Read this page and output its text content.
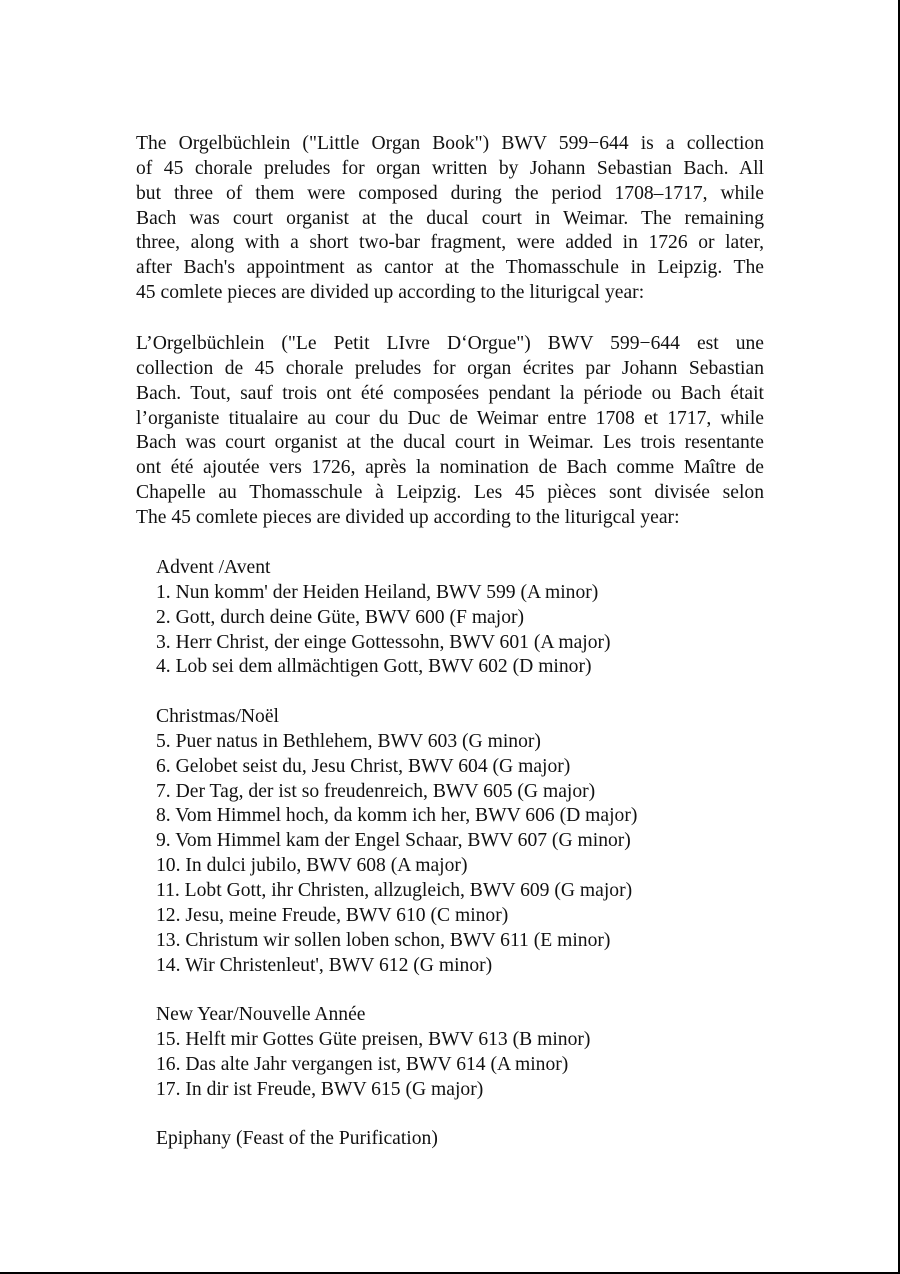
The Orgelbüchlein ("Little Organ Book") BWV 599−644 is a collection
of 45 chorale preludes for organ written by Johann Sebastian Bach. All
but three of them were composed during the period 1708–1717, while
Bach was court organist at the ducal court in Weimar. The remaining
three, along with a short two-bar fragment, were added in 1726 or later,
after Bach's appointment as cantor at the Thomasschule in Leipzig. The
45 comlete pieces are divided up according to the liturigcal year:

L’Orgelbüchlein ("Le Petit LIvre D‘Orgue") BWV 599−644 est une
collection de 45 chorale preludes for organ écrites par Johann Sebastian
Bach. Tout, sauf trois ont été composées pendant la période ou Bach était
l’organiste titualaire au cour du Duc de Weimar entre 1708 et 1717, while
Bach was court organist at the ducal court in Weimar. Les trois resentante
ont été ajoutée vers 1726, après la nomination de Bach comme Maître de
Chapelle au Thomasschule à Leipzig. Les 45 pièces sont divisée selon
The 45 comlete pieces are divided up according to the liturigcal year:

Advent /Avent
1. Nun komm' der Heiden Heiland, BWV 599 (A minor)
2. Gott, durch deine Güte, BWV 600 (F major)
3. Herr Christ, der einge Gottessohn, BWV 601 (A major)
4. Lob sei dem allmächtigen Gott, BWV 602 (D minor)
Christmas/Noël
5. Puer natus in Bethlehem, BWV 603 (G minor)
6. Gelobet seist du, Jesu Christ, BWV 604 (G major)
7. Der Tag, der ist so freudenreich, BWV 605 (G major)
8. Vom Himmel hoch, da komm ich her, BWV 606 (D major)
9. Vom Himmel kam der Engel Schaar, BWV 607 (G minor)
10. In dulci jubilo, BWV 608 (A major)
11. Lobt Gott, ihr Christen, allzugleich, BWV 609 (G major)
12. Jesu, meine Freude, BWV 610 (C minor)
13. Christum wir sollen loben schon, BWV 611 (E minor)
14. Wir Christenleut', BWV 612 (G minor)
New Year/Nouvelle Année
15. Helft mir Gottes Güte preisen, BWV 613 (B minor)
16. Das alte Jahr vergangen ist, BWV 614 (A minor)
17. In dir ist Freude, BWV 615 (G major)
Epiphany (Feast of the Purification)
